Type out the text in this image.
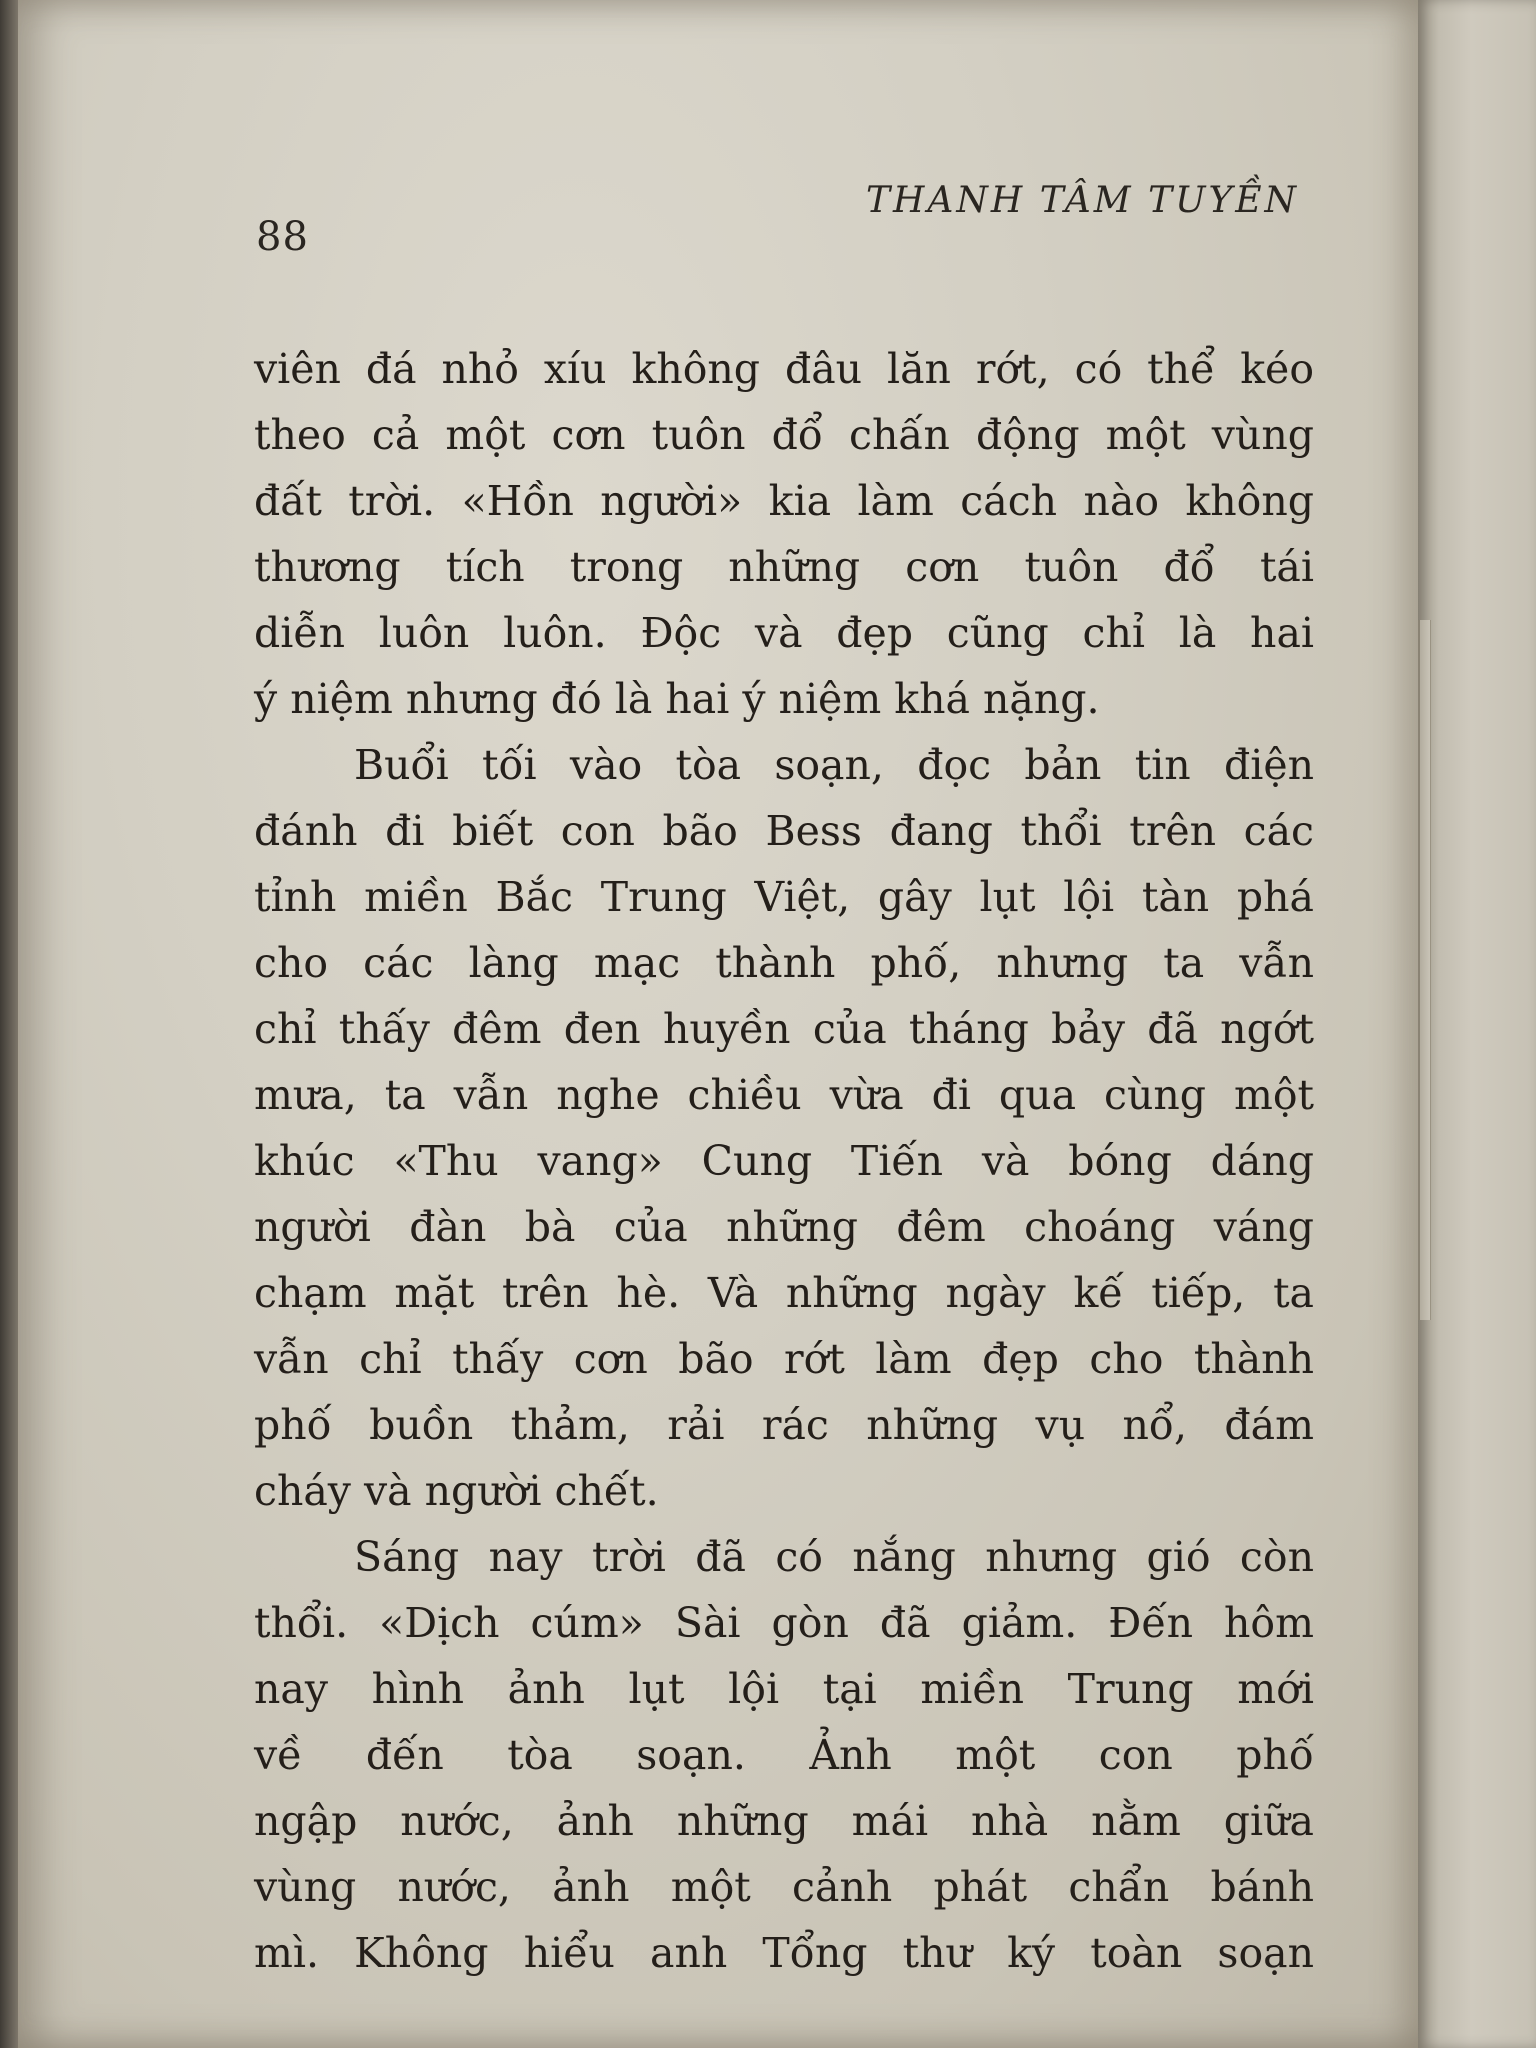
88
THANH TÂM TUYỀN
viên đá nhỏ xíu không đâu lăn rớt, có thể kéo
theo cả một cơn tuôn đổ chấn động một vùng
đất trời. «Hồn người» kia làm cách nào không
thương tích trong những cơn tuôn đổ tái
diễn luôn luôn. Độc và đẹp cũng chỉ là hai
ý niệm nhưng đó là hai ý niệm khá nặng.
Buổi tối vào tòa soạn, đọc bản tin điện
đánh đi biết con bão Bess đang thổi trên các
tỉnh miền Bắc Trung Việt, gây lụt lội tàn phá
cho các làng mạc thành phố, nhưng ta vẫn
chỉ thấy đêm đen huyền của tháng bảy đã ngớt
mưa, ta vẫn nghe chiều vừa đi qua cùng một
khúc «Thu vang» Cung Tiến và bóng dáng
người đàn bà của những đêm choáng váng
chạm mặt trên hè. Và những ngày kế tiếp, ta
vẫn chỉ thấy cơn bão rớt làm đẹp cho thành
phố buồn thảm, rải rác những vụ nổ, đám
cháy và người chết.
Sáng nay trời đã có nắng nhưng gió còn
thổi. «Dịch cúm» Sài gòn đã giảm. Đến hôm
nay hình ảnh lụt lội tại miền Trung mới
về đến tòa soạn. Ảnh một con phố
ngập nước, ảnh những mái nhà nằm giữa
vùng nước, ảnh một cảnh phát chẩn bánh
mì. Không hiểu anh Tổng thư ký toàn soạn
